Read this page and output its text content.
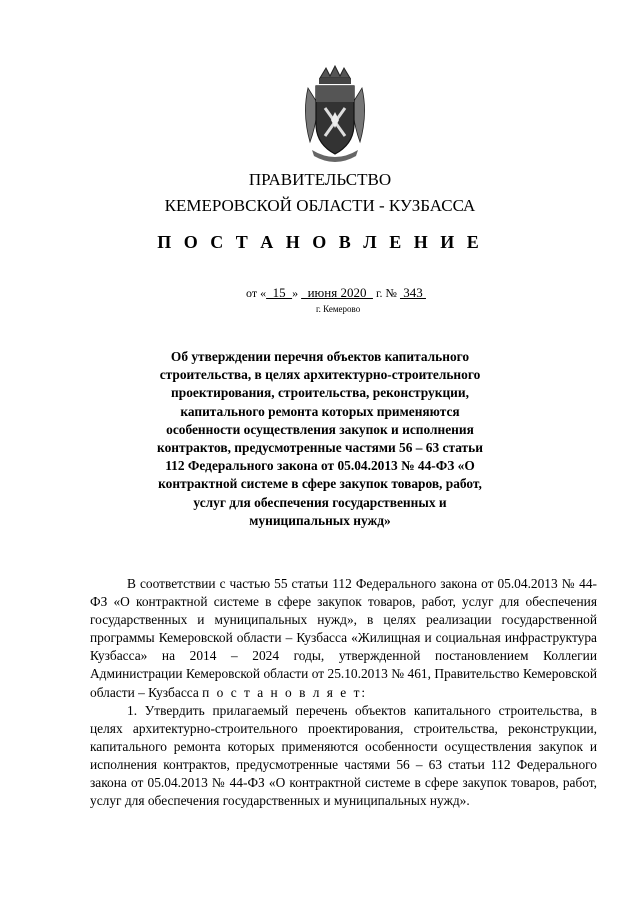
ПРАВИТЕЛЬСТВО
КЕМЕРОВСКОЙ ОБЛАСТИ - КУЗБАССА
П О С Т А Н О В Л Е Н И Е
от «  15  »   июня 2020   г. №  343
г. Кемерово
Об утверждении перечня объектов капитального строительства, в целях архитектурно-строительного проектирования, строительства, реконструкции, капитального ремонта которых применяются особенности осуществления закупок и исполнения контрактов, предусмотренные частями 56 – 63 статьи 112 Федерального закона от 05.04.2013 № 44-ФЗ «О контрактной системе в сфере закупок товаров, работ, услуг для обеспечения государственных и муниципальных нужд»

В соответствии с частью 55 статьи 112 Федерального закона от 05.04.2013 № 44-ФЗ «О контрактной системе в сфере закупок товаров, работ, услуг для обеспечения государственных и муниципальных нужд», в целях реализации государственной программы Кемеровской области – Кузбасса «Жилищная и социальная инфраструктура Кузбасса» на 2014 – 2024 годы, утвержденной постановлением Коллегии Администрации Кемеровской области от 25.10.2013 № 461, Правительство Кемеровской области – Кузбасса п о с т а н о в л я е т:

1. Утвердить прилагаемый перечень объектов капитального строительства, в целях архитектурно-строительного проектирования, строительства, реконструкции, капитального ремонта которых применяются особенности осуществления закупок и исполнения контрактов, предусмотренные частями 56 – 63 статьи 112 Федерального закона от 05.04.2013 № 44-ФЗ «О контрактной системе в сфере закупок товаров, работ, услуг для обеспечения государственных и муниципальных нужд».
